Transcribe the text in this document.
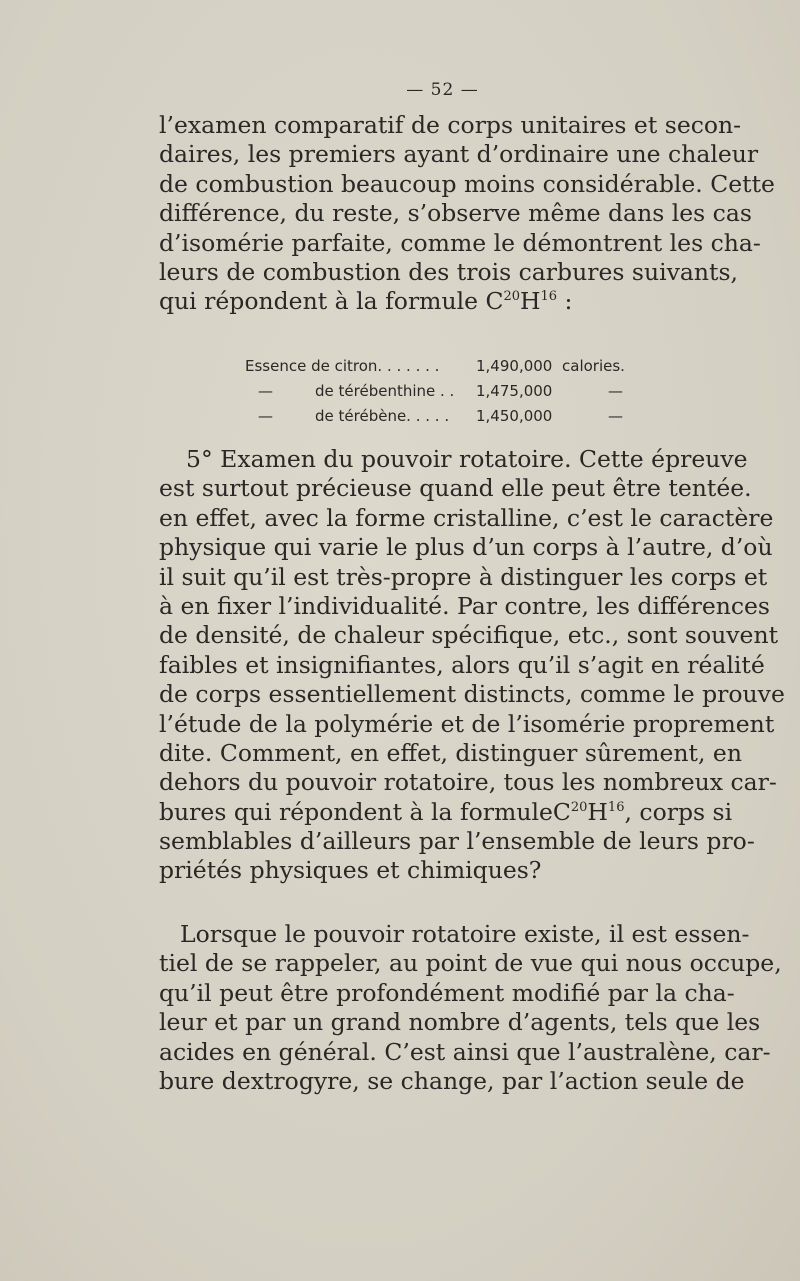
— 52 —
l’examen comparatif de corps unitaires et secon-
daires, les premiers ayant d’ordinaire une chaleur
de combustion beaucoup moins considérable. Cette
différence, du reste, s’observe même dans les cas
d’isomérie parfaite, comme le démontrent les cha-
leurs de combustion des trois carbures suivants,
qui répondent à la formule $C^{20}H^{16}$ :
Essence de citron. . . . . . . 1,490,000 calories.
—	de térébenthine . . 1,475,000	—
—	de térébène. . . . . 1,450,000	—
5° Examen du pouvoir rotatoire. Cette épreuve
est surtout précieuse quand elle peut être tentée.
en effet, avec la forme cristalline, c’est le caractère
physique qui varie le plus d’un corps à l’autre, d’où
il suit qu’il est très-propre à distinguer les corps et
à en fixer l’individualité. Par contre, les différences
de densité, de chaleur spécifique, etc., sont souvent
faibles et insignifiantes, alors qu’il s’agit en réalité
de corps essentiellement distincts, comme le prouve
l’étude de la polymérie et de l’isomérie proprement
dite. Comment, en effet, distinguer sûrement, en
dehors du pouvoir rotatoire, tous les nombreux car-
bures qui répondent à la formule $C^{20}H^{16}$, corps si
semblables d’ailleurs par l’ensemble de leurs pro-
priétés physiques et chimiques?
Lorsque le pouvoir rotatoire existe, il est essen-
tiel de se rappeler, au point de vue qui nous occupe,
qu’il peut être profondément modifié par la cha-
leur et par un grand nombre d’agents, tels que les
acides en général. C’est ainsi que l’australène, car-
bure dextrogyre, se change, par l’action seule de
